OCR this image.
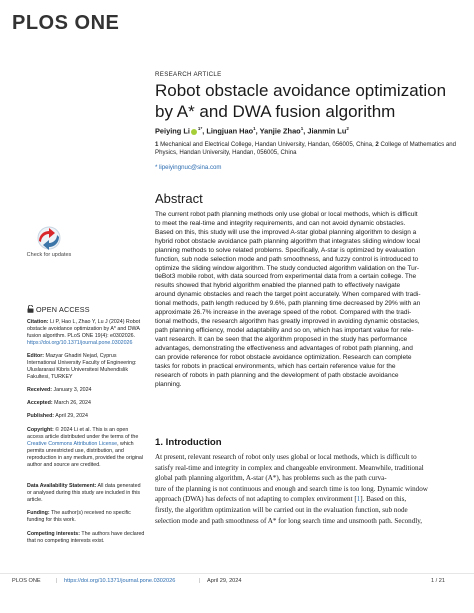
PLOS ONE
RESEARCH ARTICLE
Robot obstacle avoidance optimization by A* and DWA fusion algorithm
Peiying Li $^{1*}$, Lingjuan Hao$^1$, Yanjie Zhao$^1$, Jianmin Lu$^2$
1 Mechanical and Electrical College, Handan University, Handan, 056005, China, 2 College of Mathematics and Physics, Handan University, Handan, 056005, China
* lipeiyingnuc@sina.com
Abstract
The current robot path planning methods only use global or local methods, which is difficult
to meet the real-time and integrity requirements, and can not avoid dynamic obstacles.
Based on this, this study will use the improved A-star global planning algorithm to design a
hybrid robot obstacle avoidance path planning algorithm that integrates sliding window local
planning methods to solve related problems. Specifically, A-star is optimized by evaluation
function, sub node selection mode and path smoothness, and fuzzy control is introduced to
optimize the sliding window algorithm. The study conducted algorithm validation on the Tur-
tleBot3 mobile robot, with data sourced from experimental data from a certain college. The
results showed that hybrid algorithm enabled the planned path to effectively navigate
around dynamic obstacles and reach the target point accurately. When compared with tradi-
tional methods, path length reduced by 9.6%, path planning time decreased by 29% with an
approximate 26.7% increase in the average speed of the robot. Compared with the tradi-
tional methods, the research algorithm has greatly improved in avoiding dynamic obstacles,
path planning efficiency, model adaptability and so on, which has important value for rele-
vant research. It can be seen that the algorithm proposed in the study has performance
advantages, demonstrating the effectiveness and advantages of robot path planning, and
can provide reference for robot obstacle avoidance optimization. Research can complete
tasks for robots in practical environments, which has certain reference value for the
research of robots in path planning and the development of path obstacle avoidance
planning.
Check for updates
OPEN ACCESS
Citation: Li P, Hao L, Zhao Y, Lu J (2024) Robot obstacle avoidance optimization by A* and DWA fusion algorithm. PLoS ONE 19(4): e0302026. https://doi.org/10.1371/journal.pone.0302026
Editor: Mazyar Ghadiri Nejad, Cyprus International University Faculty of Engineering: Uluslararasi Kibris Universitesi Muhendislik Fakultesi, TURKEY
Received: January 3, 2024
Accepted: March 26, 2024
Published: April 29, 2024
Copyright: © 2024 Li et al. This is an open access article distributed under the terms of the Creative Commons Attribution License, which permits unrestricted use, distribution, and reproduction in any medium, provided the original author and source are credited.
Data Availability Statement: All data generated or analysed during this study are included in this article.
Funding: The author(s) received no specific funding for this work.
Competing interests: The authors have declared that no competing interests exist.
1. Introduction
At present, relevant research of robot only uses global or local methods, which is difficult to
satisfy real-time and integrity in complex and changeable environment. Meanwhile, traditional
global path planning algorithm, A-star (A*), has problems such as the path curva-
ture of the planning is not continuous and enough and search time is too long. Dynamic window
approach (DWA) has defects of not adapting to complex environment [1]. Based on this,
firstly, the algorithm optimization will be carried out in the evaluation function, sub node
selection mode and path smoothness of A* for long search time and unsmooth path. Secondly,
PLOS ONE	| https://doi.org/10.1371/journal.pone.0302026	| April 29, 2024	1 / 21
